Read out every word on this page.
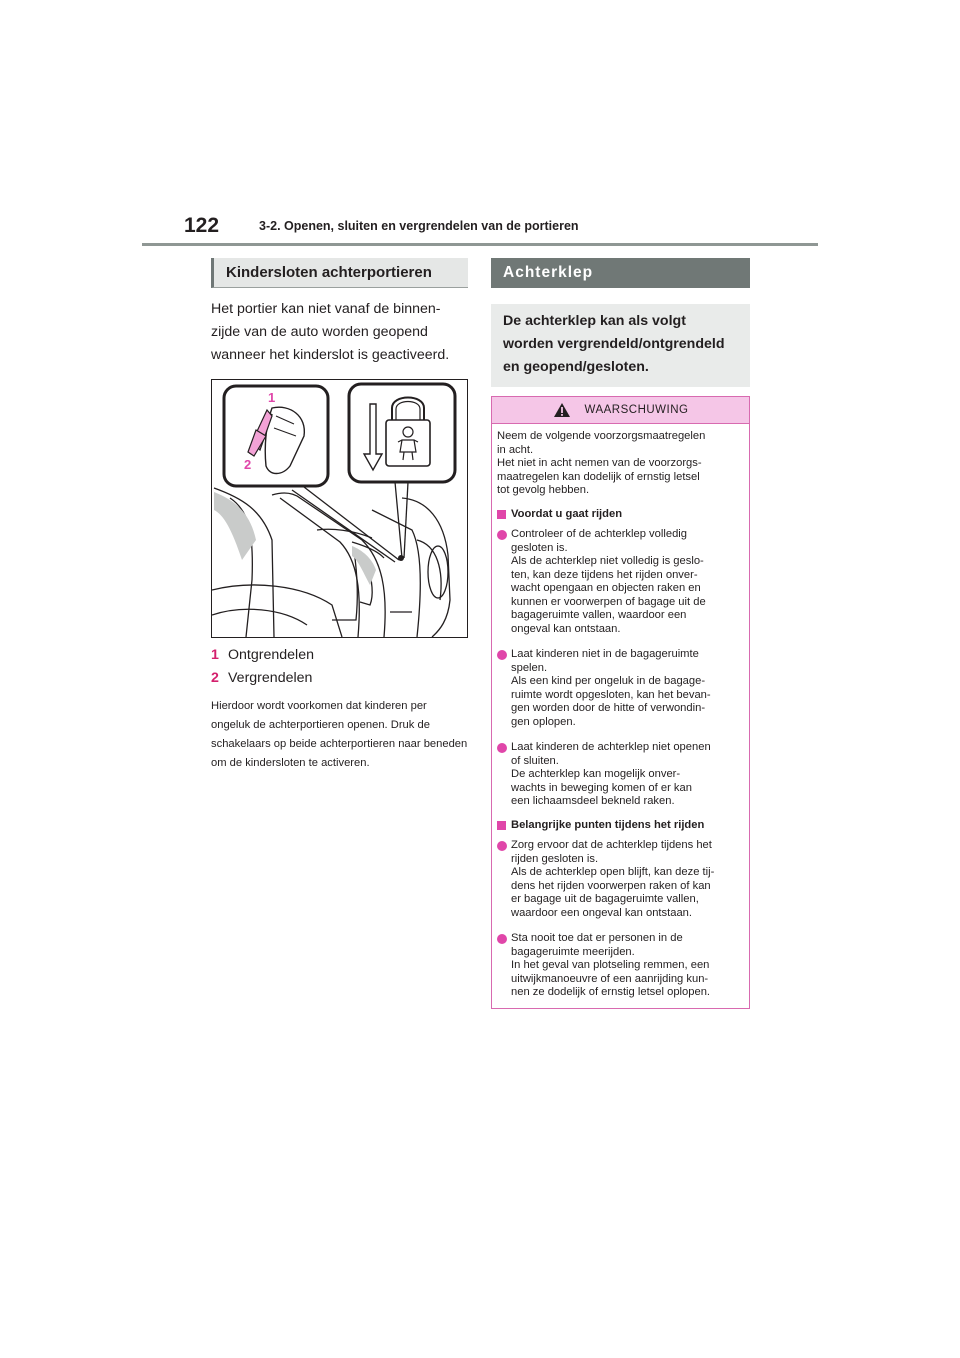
122	3-2. Openen, sluiten en vergrendelen van de portieren
Kindersloten achterportieren

Het portier kan niet vanaf de binnen-
zijde van de auto worden geopend
wanneer het kinderslot is geactiveerd.

1
2
1 Ontgrendelen
2 Vergrendelen

Hierdoor wordt voorkomen dat kinderen per ongeluk de achterportieren openen. Druk de schakelaars op beide achterportieren naar beneden om de kindersloten te activeren.

Achterklep
De achterklep kan als volgt worden vergrendeld/ontgrendeld en geopend/gesloten.
WAARSCHUWING

Neem de volgende voorzorgsmaatregelen
in acht.
Het niet in acht nemen van de voorzorgs-
maatregelen kan dodelijk of ernstig letsel
tot gevolg hebben.

Voordat u gaat rijden

Controleer of de achterklep volledig
gesloten is.
Als de achterklep niet volledig is geslo-
ten, kan deze tijdens het rijden onver-
wacht opengaan en objecten raken en
kunnen er voorwerpen of bagage uit de
bagageruimte vallen, waardoor een
ongeval kan ontstaan.

Laat kinderen niet in de bagageruimte
spelen.
Als een kind per ongeluk in de bagage-
ruimte wordt opgesloten, kan het bevan-
gen worden door de hitte of verwondin-
gen oplopen.

Laat kinderen de achterklep niet openen
of sluiten.
De achterklep kan mogelijk onver-
wachts in beweging komen of er kan
een lichaamsdeel bekneld raken.

Belangrijke punten tijdens het rijden

Zorg ervoor dat de achterklep tijdens het
rijden gesloten is.
Als de achterklep open blijft, kan deze tij-
dens het rijden voorwerpen raken of kan
er bagage uit de bagageruimte vallen,
waardoor een ongeval kan ontstaan.

Sta nooit toe dat er personen in de
bagageruimte meerijden.
In het geval van plotseling remmen, een
uitwijkmanoeuvre of een aanrijding kun-
nen ze dodelijk of ernstig letsel oplopen.
